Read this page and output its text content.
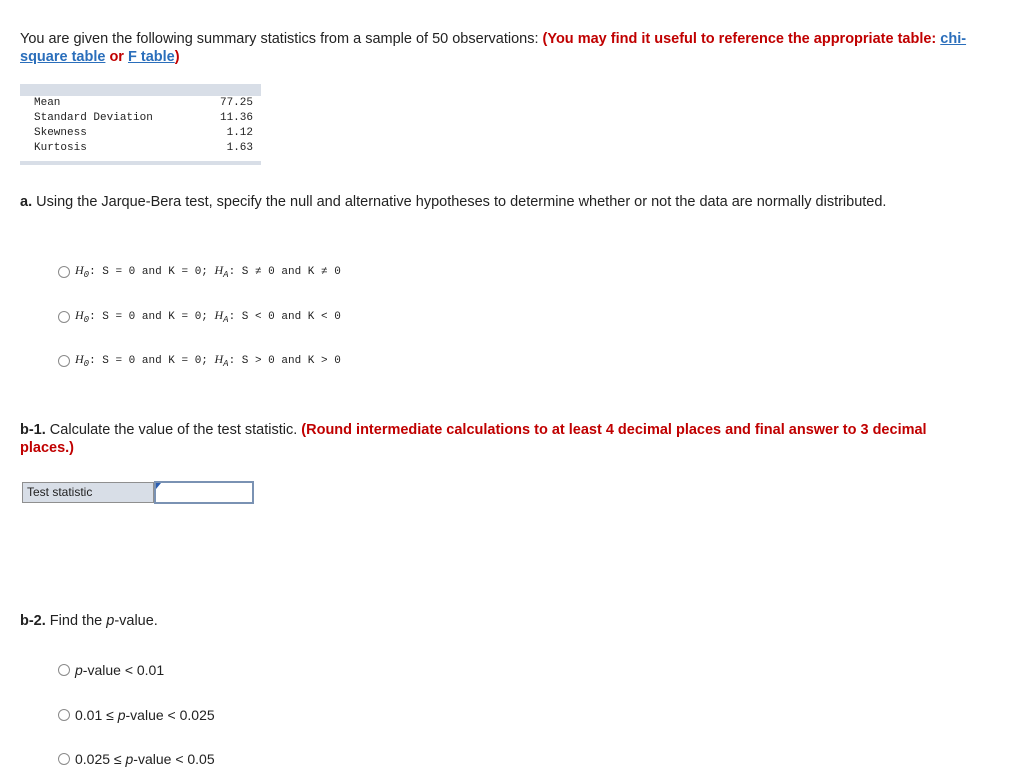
You are given the following summary statistics from a sample of 50 observations: (You may find it useful to reference the appropriate table: chi-square table or F table)
Mean	77.25
Standard Deviation	11.36
Skewness	1.12
Kurtosis	1.63
a. Using the Jarque-Bera test, specify the null and alternative hypotheses to determine whether or not the data are normally distributed.
$H_0$: S = 0 and K = 0; $H_A$: S ≠ 0 and K ≠ 0
$H_0$: S = 0 and K = 0; $H_A$: S < 0 and K < 0
$H_0$: S = 0 and K = 0; $H_A$: S > 0 and K > 0
b-1. Calculate the value of the test statistic. (Round intermediate calculations to at least 4 decimal places and final answer to 3 decimal places.)
Test statistic
b-2. Find the p-value.
p-value < 0.01
0.01 ≤ p-value < 0.025
0.025 ≤ p-value < 0.05
